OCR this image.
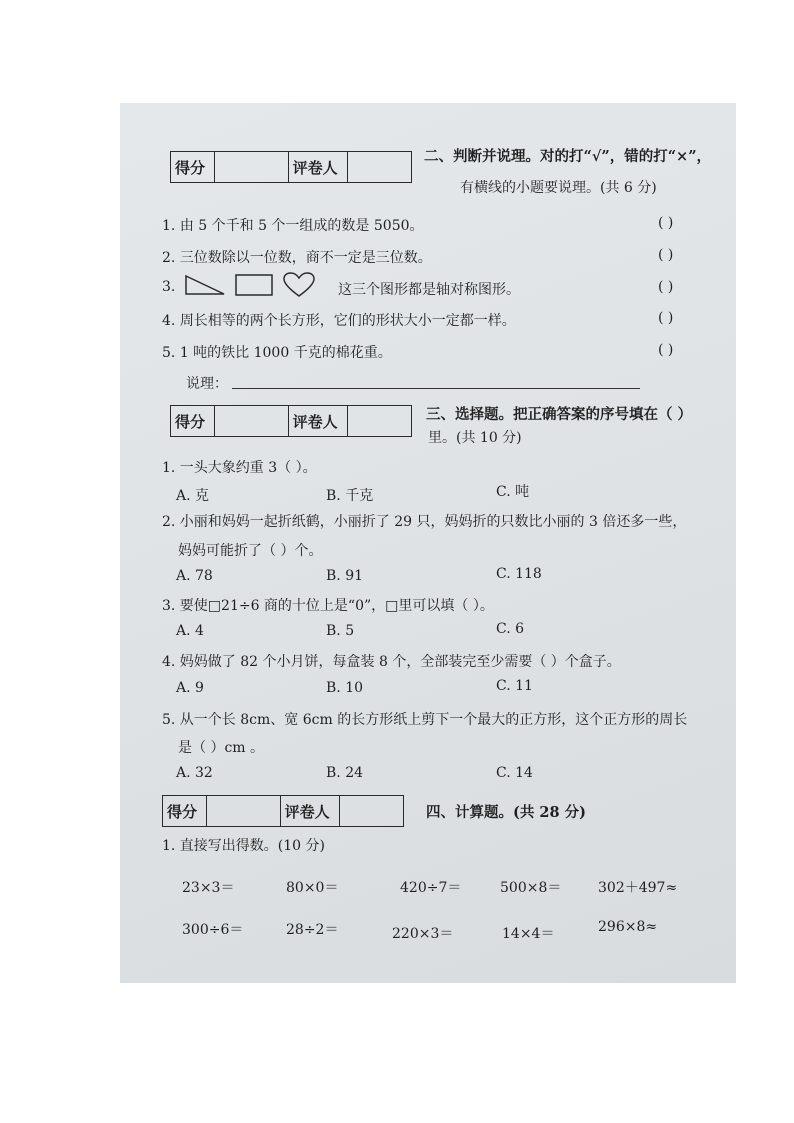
得分		评卷人	
二、判断并说理。对的打“√”，错的打“×”，
有横线的小题要说理。(共 6 分)
1. 由 5 个千和 5 个一组成的数是 5050。	( )
2. 三位数除以一位数，商不一定是三位数。	( )
3.	这三个图形都是轴对称图形。	( )
4. 周长相等的两个长方形，它们的形状大小一定都一样。	( )
5. 1 吨的铁比 1000 千克的棉花重。	( )
说理：
得分		评卷人		三、选择题。把正确答案的序号填在（ ）
里。(共 10 分)
1. 一头大象约重 3（ ）。
A. 克	B. 千克	C. 吨
2. 小丽和妈妈一起折纸鹤，小丽折了 29 只，妈妈折的只数比小丽的 3 倍还多一些，
妈妈可能折了（ ）个。
A. 78	B. 91	C. 118
3. 要使□21÷6 商的十位上是“0”，□里可以填（ ）。
A. 4	B. 5	C. 6
4. 妈妈做了 82 个小月饼，每盒装 8 个，全部装完至少需要（ ）个盒子。
A. 9	B. 10	C. 11
5. 从一个长 8cm、宽 6cm 的长方形纸上剪下一个最大的正方形，这个正方形的周长
是（ ）cm 。
A. 32	B. 24	C. 14
得分		评卷人		四、计算题。(共 28 分)
1. 直接写出得数。(10 分)
23×3＝	80×0＝	420÷7＝	500×8＝	302＋497≈
300÷6＝	28÷2＝	220×3＝	14×4＝	296×8≈
